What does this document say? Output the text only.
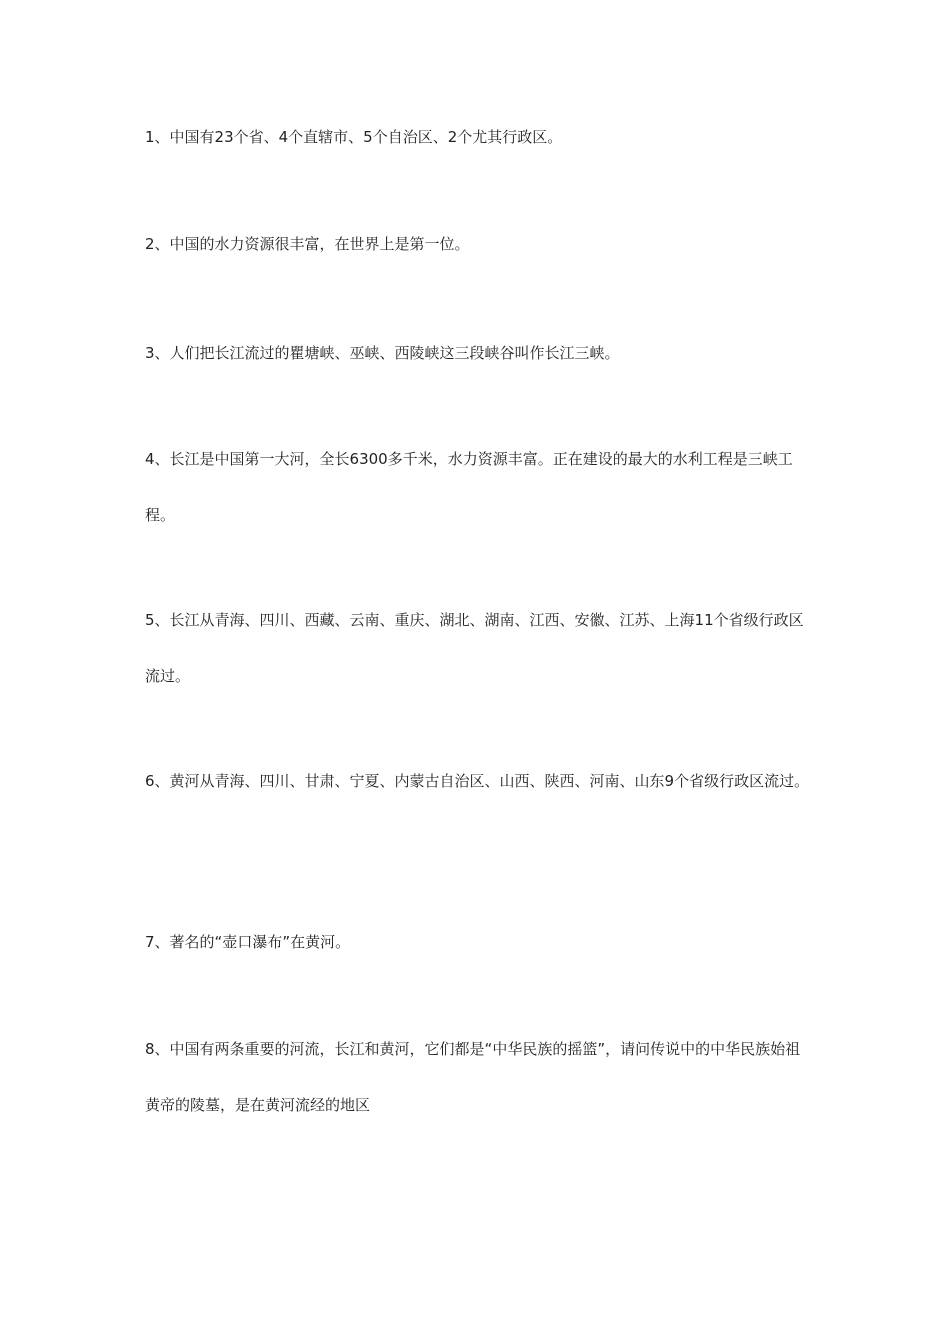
1、中国有23个省、4个直辖市、5个自治区、2个尤其行政区。

2、中国的水力资源很丰富，在世界上是第一位。

3、人们把长江流过的瞿塘峡、巫峡、西陵峡这三段峡谷叫作长江三峡。

4、长江是中国第一大河，全长6300多千米，水力资源丰富。正在建设的最大的水利工程是三峡工程。

5、长江从青海、四川、西藏、云南、重庆、湖北、湖南、江西、安徽、江苏、上海11个省级行政区流过。

6、黄河从青海、四川、甘肃、宁夏、内蒙古自治区、山西、陕西、河南、山东9个省级行政区流过。

7、著名的“壶口瀑布”在黄河。

8、中国有两条重要的河流，长江和黄河，它们都是“中华民族的摇篮”，请问传说中的中华民族始祖黄帝的陵墓，是在黄河流经的地区
